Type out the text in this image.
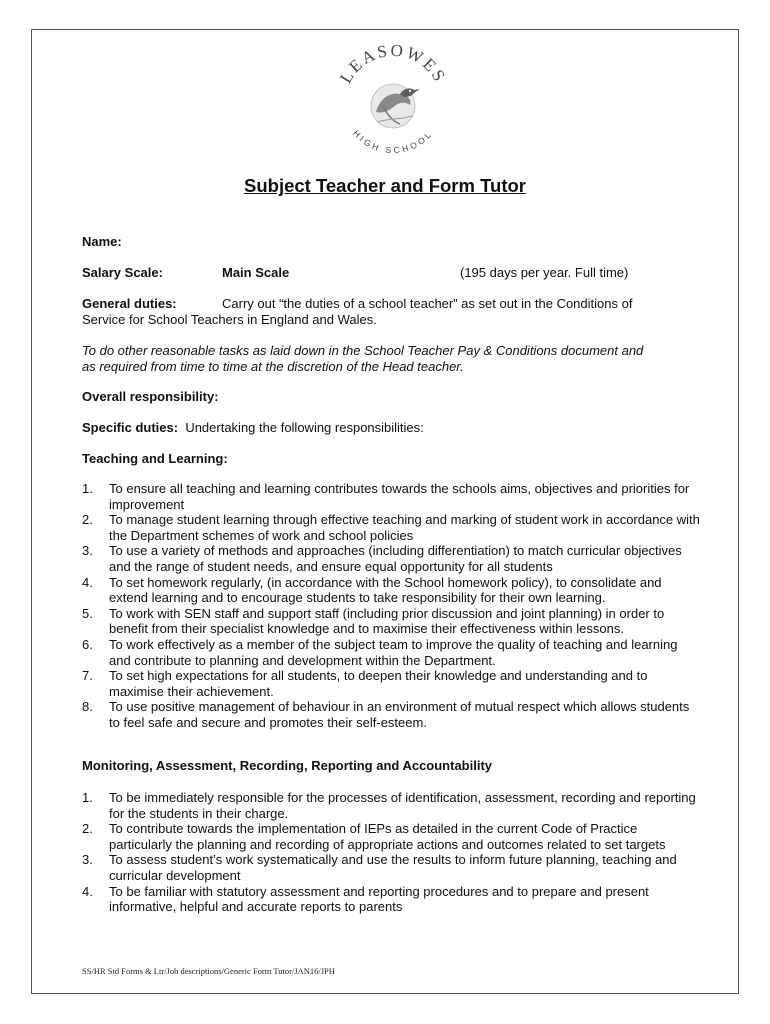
LEASOWES
HIGH SCHOOL
Subject Teacher and Form Tutor

Name:

Salary Scale:	Main Scale	(195 days per year. Full time)

General duties:	Carry out “the duties of a school teacher” as set out in the Conditions of

Service for School Teachers in England and Wales.

To do other reasonable tasks as laid down in the School Teacher Pay & Conditions document and

as required from time to time at the discretion of the Head teacher.

Overall responsibility:

Specific duties: Undertaking the following responsibilities:

Teaching and Learning:

1. To ensure all teaching and learning contributes towards the schools aims, objectives and priorities for improvement
2. To manage student learning through effective teaching and marking of student work in accordance with the Department schemes of work and school policies
3. To use a variety of methods and approaches (including differentiation) to match curricular objectives and the range of student needs, and ensure equal opportunity for all students
4. To set homework regularly, (in accordance with the School homework policy), to consolidate and extend learning and to encourage students to take responsibility for their own learning.
5. To work with SEN staff and support staff (including prior discussion and joint planning) in order to benefit from their specialist knowledge and to maximise their effectiveness within lessons.
6. To work effectively as a member of the subject team to improve the quality of teaching and learning and contribute to planning and development within the Department.
7. To set high expectations for all students, to deepen their knowledge and understanding and to maximise their achievement.
8. To use positive management of behaviour in an environment of mutual respect which allows students to feel safe and secure and promotes their self-esteem.

Monitoring, Assessment, Recording, Reporting and Accountability

1. To be immediately responsible for the processes of identification, assessment, recording and reporting for the students in their charge.
2. To contribute towards the implementation of IEPs as detailed in the current Code of Practice particularly the planning and recording of appropriate actions and outcomes related to set targets
3. To assess student’s work systematically and use the results to inform future planning, teaching and curricular development
4. To be familiar with statutory assessment and reporting procedures and to prepare and present informative, helpful and accurate reports to parents
SS/HR Std Forms & Ltr/Job descriptions/Generic Form Tutor/JAN16/JPH
